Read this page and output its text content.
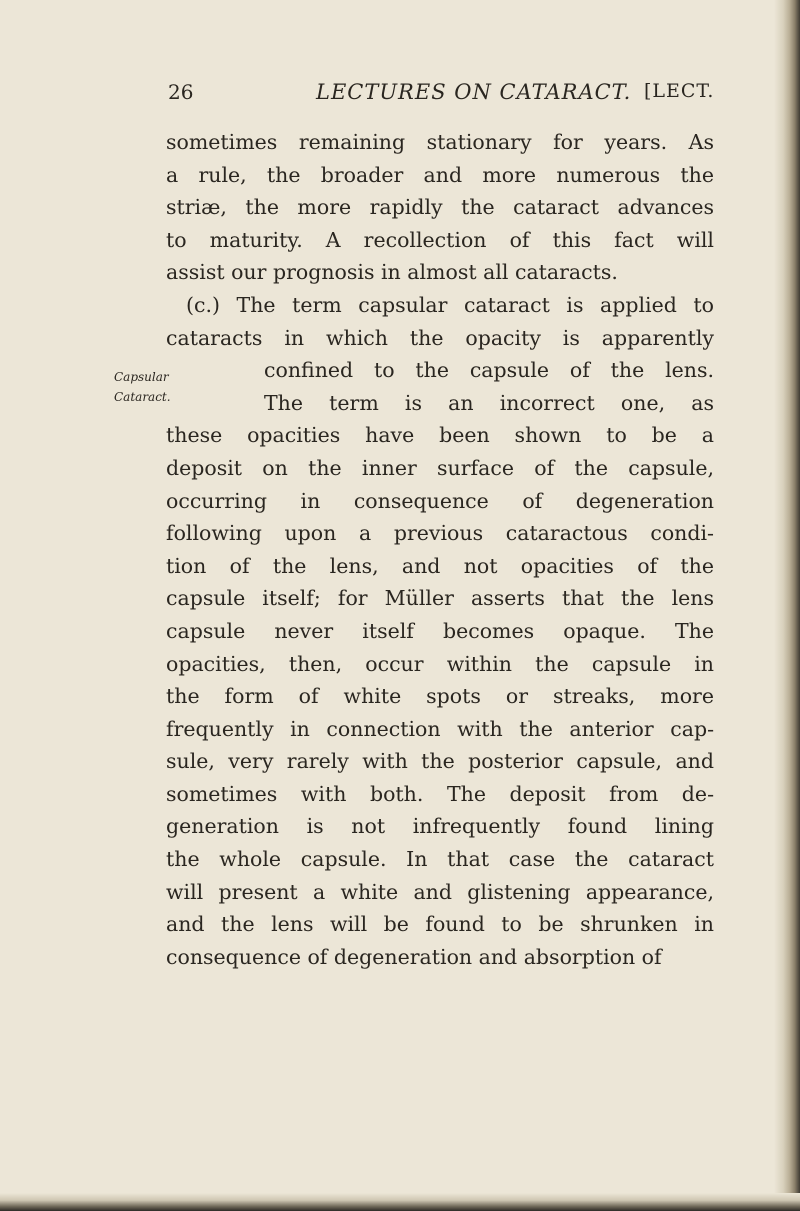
26	LECTURES ON CATARACT. [LECT.
Capsular
Cataract.
sometimes remaining stationary for years. As
a rule, the broader and more numerous the
striæ, the more rapidly the cataract advances
to maturity. A recollection of this fact will
assist our prognosis in almost all cataracts.
(c.) The term capsular cataract is applied to
cataracts in which the opacity is apparently
confined to the capsule of the lens.
The term is an incorrect one, as
these opacities have been shown to be a
deposit on the inner surface of the capsule,
occurring in consequence of degeneration
following upon a previous cataractous condi-
tion of the lens, and not opacities of the
capsule itself; for Müller asserts that the lens
capsule never itself becomes opaque. The
opacities, then, occur within the capsule in
the form of white spots or streaks, more
frequently in connection with the anterior cap-
sule, very rarely with the posterior capsule, and
sometimes with both. The deposit from de-
generation is not infrequently found lining
the whole capsule. In that case the cataract
will present a white and glistening appearance,
and the lens will be found to be shrunken in
consequence of degeneration and absorption of
